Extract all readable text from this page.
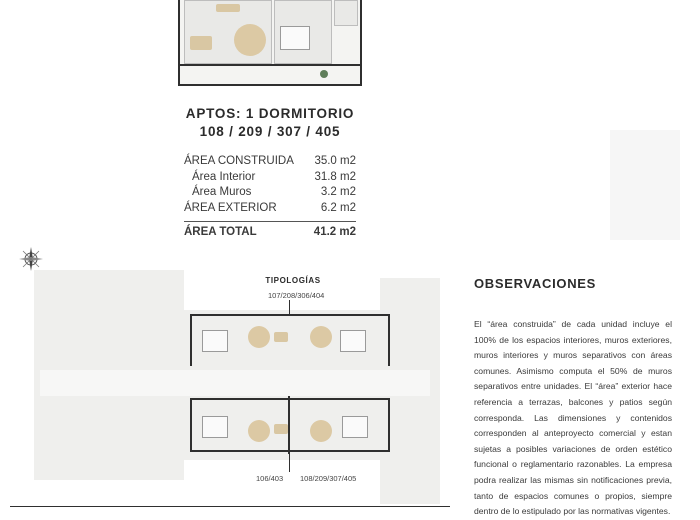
APTOS: 1 DORMITORIO
108 / 209 / 307 / 405
ÁREA CONSTRUIDA 35.0 m2
Área Interior	31.8 m2
Área Muros	3.2 m2
ÁREA EXTERIOR	6.2 m2
ÁREA TOTAL	41.2 m2
TIPOLOGÍAS
107/208/306/404
106/403 108/209/307/405
OBSERVACIONES
El “área construida” de cada unidad incluye el 100% de los espacios interiores, muros exteriores, muros interiores y muros separativos con áreas comunes. Asimismo computa el 50% de muros separativos entre unidades. El “área” exterior hace referencia a terrazas, balcones y patios según corresponda. Las dimensiones y contenidos corresponden al anteproyecto comercial y estan sujetas a posibles variaciones de orden estético funcional o reglamentario razonables. La empresa podra realizar las mismas sin notificaciones previa, tanto de espacios comunes o propios, siempre dentro de lo estipulado por las normativas vigentes.
